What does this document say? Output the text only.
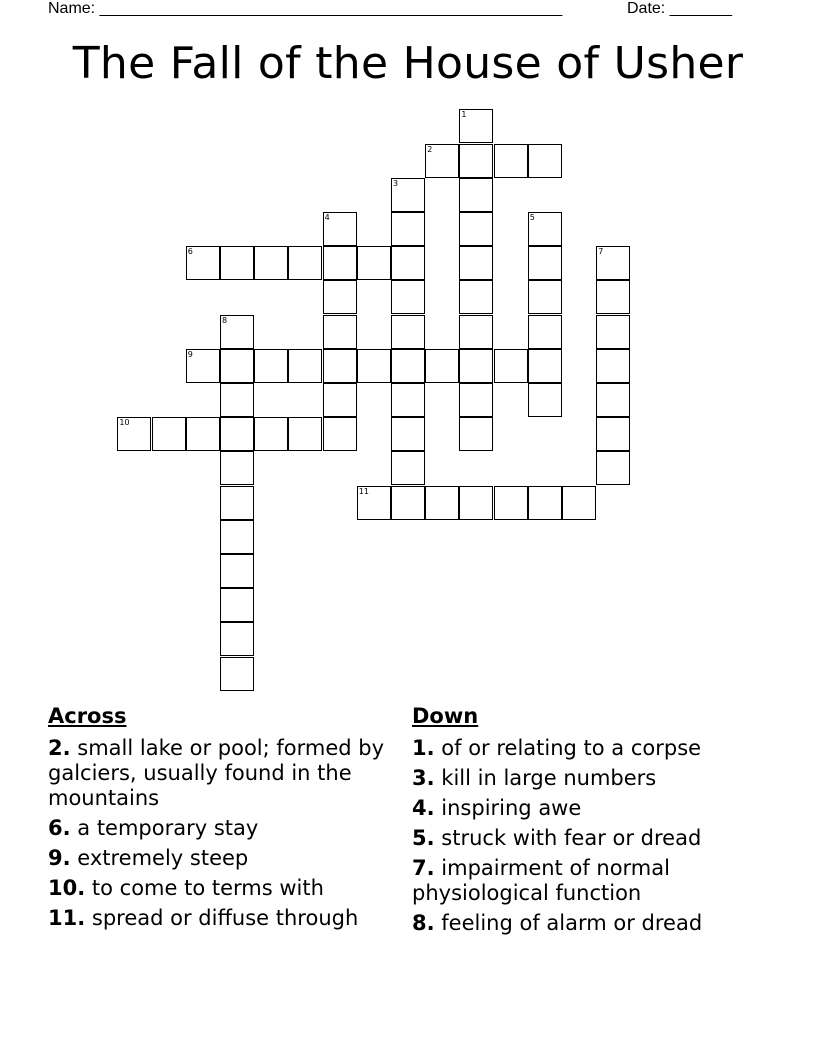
Name: ____________________________________________________	Date: _______
The Fall of the House of Usher
1
2
3
4	5
6	7
8
9
10
11
Across
2. small lake or pool; formed by galciers, usually found in the mountains
6. a temporary stay
9. extremely steep
10. to come to terms with
11. spread or diffuse through
Down
1. of or relating to a corpse
3. kill in large numbers
4. inspiring awe
5. struck with fear or dread
7. impairment of normal physiological function
8. feeling of alarm or dread
